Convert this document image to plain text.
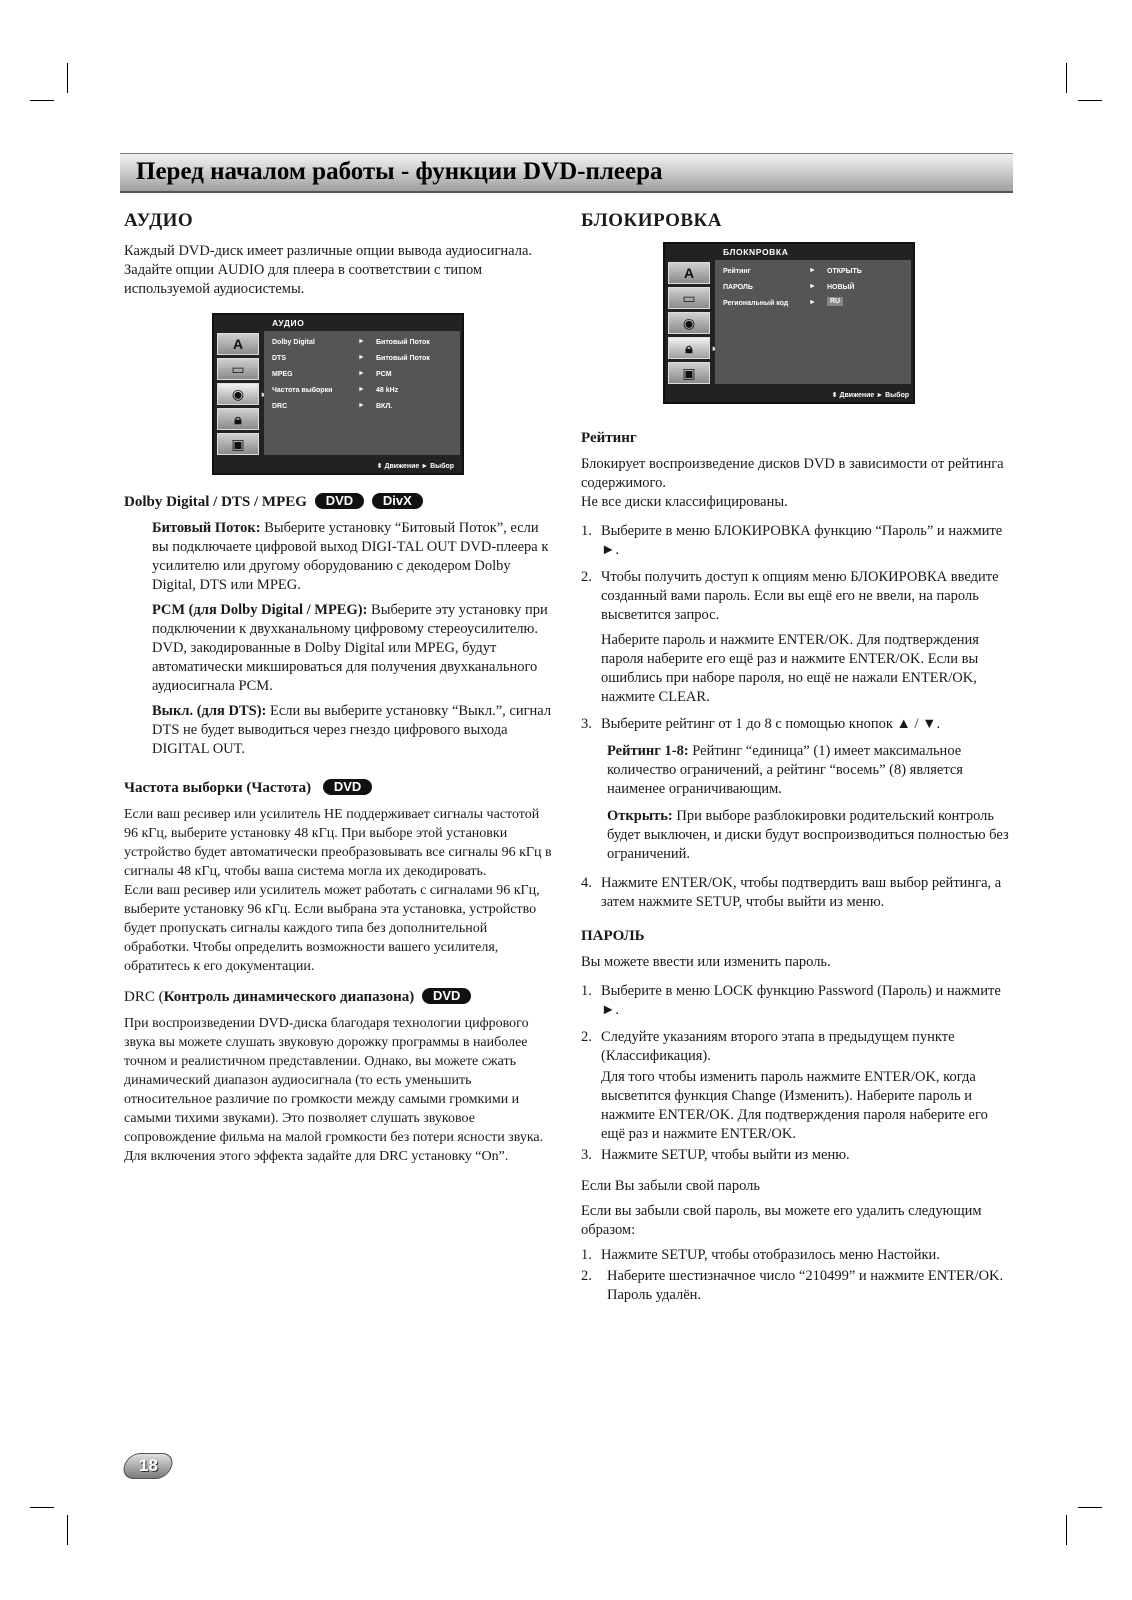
Перед началом работы - функции DVD-плеера
АУДИО

Каждый DVD-диск имеет различные опции вывода аудиосигнала. Задайте опции AUDIO для плеера в соответствии с типом используемой аудиосистемы.

АУДИО
A
▭
◉ ►
🔒︎
▣
Dolby Digital	► Битовый Поток
DTS	► Битовый Поток
MPEG	► PCM
Частота выборки	► 48 kHz
DRC	► ВКЛ.
⬍ Движение ► Выбор
Dolby Digital / DTS / MPEG DVD DivX

Битовый Поток: Выберите установку “Битовый Поток”, если вы подключаете цифровой выход DIGI-TAL OUT DVD-плеера к усилителю или другому оборудованию с декодером Dolby Digital, DTS или MPEG.

PCM (для Dolby Digital / MPEG): Выберите эту установку при подключении к двухканальному цифровому стереоусилителю. DVD, закодированные в Dolby Digital или MPEG, будут автоматически микшироваться для получения двухканального аудиосигнала PCM.

Выкл. (для DTS): Если вы выберите установку “Выкл.”, сигнал DTS не будет выводиться через гнездо цифрового выхода DIGITAL OUT.

Частота выборки (Частота) DVD

Если ваш ресивер или усилитель НЕ поддерживает сигналы частотой 96 кГц, выберите установку 48 кГц. При выборе этой установки устройство будет автоматически преобразовывать все сигналы 96 кГц в сигналы 48 кГц, чтобы ваша система могла их декодировать.

Если ваш ресивер или усилитель может работать с сигналами 96 кГц, выберите установку 96 кГц. Если выбрана эта установка, устройство будет пропускать сигналы каждого типа без дополнительной обработки. Чтобы определить возможности вашего усилителя, обратитесь к его документации.

DRC (Контроль динамического диапазона) DVD

При воспроизведении DVD-диска благодаря технологии цифрового звука вы можете слушать звуковую дорожку программы в наиболее точном и реалистичном представлении. Однако, вы можете сжать динамический диапазон аудиосигнала (то есть уменьшить относительное различие по громкости между самыми громкими и самыми тихими звуками). Это позволяет слушать звуковое сопровождение фильма на малой громкости без потери ясности звука. Для включения этого эффекта задайте для DRC установку “On”.

БЛОКИРОВКА
БЛОКNРОВКА
A
▭
◉
🔒︎ ►
▣
Рейтинг	► ОТКРЫТЬ
ПАРОЛЬ	► НОВЫЙ
Региональный код	►	RU
⬍ Движение ► Выбор
Рейтинг

Блокирует воспроизведение дисков DVD в зависимости от рейтинга содержимого.

Не все диски классифицированы.

1. Выберите в меню БЛОКИРОВКА функцию “Пароль” и нажмите ►.
2. Чтобы получить доступ к опциям меню БЛОКИРОВКА введите созданный вами пароль. Если вы ещё его не ввели, на пароль высветится запрос.

Наберите пароль и нажмите ENTER/OK. Для подтверждения пароля наберите его ещё раз и нажмите ENTER/OK. Если вы ошиблись при наборе пароля, но ещё не нажали ENTER/OK, нажмите CLEAR.

3. Выберите рейтинг от 1 до 8 с помощью кнопок ▲ / ▼.

Рейтинг 1-8: Рейтинг “единица” (1) имеет максимальное количество ограничений, а рейтинг “восемь” (8) является наименее ограничивающим.

Открыть: При выборе разблокировки родительский контроль будет выключен, и диски будут воспроизводиться полностью без ограничений.

4. Нажмите ENTER/OK, чтобы подтвердить ваш выбор рейтинга, а затем нажмите SETUP, чтобы выйти из меню.
ПАРОЛЬ

Вы можете ввести или изменить пароль.

1. Выберите в меню LOCK функцию Password (Пароль) и нажмите ►.
2. Следуйте указаниям второго этапа в предыдущем пункте (Классификация).

Для того чтобы изменить пароль нажмите ENTER/OK, когда высветится функция Change (Изменить). Наберите пароль и нажмите ENTER/OK. Для подтверждения пароля наберите его ещё раз и нажмите ENTER/OK.

3. Нажмите SETUP, чтобы выйти из меню.

Если Вы забыли свой пароль

Если вы забыли свой пароль, вы можете его удалить следующим образом:

1. Нажмите SETUP, чтобы отобразилось меню Настойки.
2. Наберите шестизначное число “210499” и нажмите ENTER/OK. Пароль удалён.
18
